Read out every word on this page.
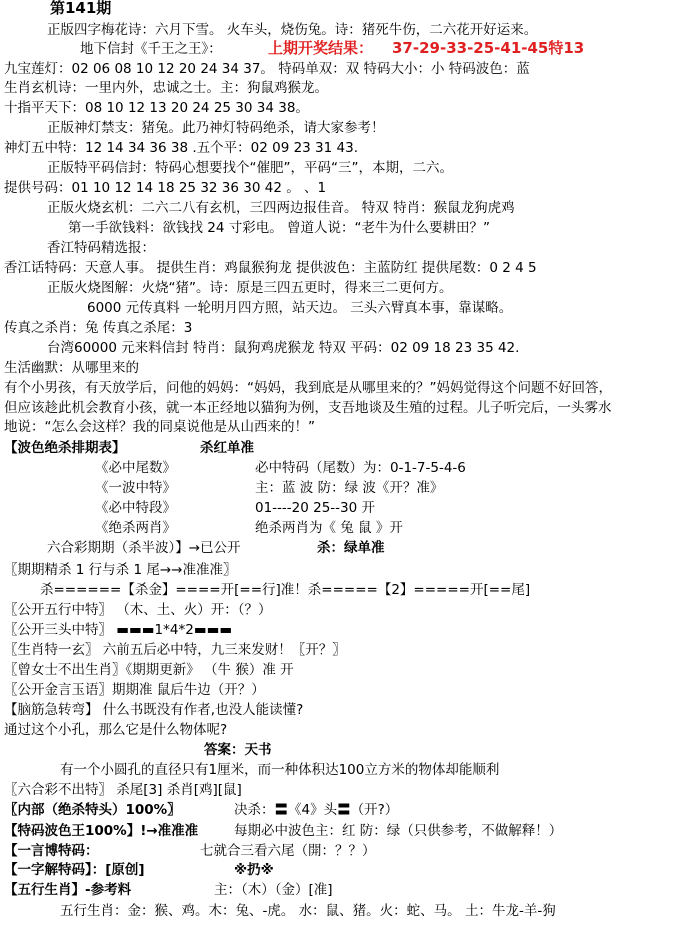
第141期
正版四字梅花诗：六月下雪。 火车头，烧伤兔。诗：猪死牛伤，二六花开好运来。
地下信封《千王之王》：	上期开奖结果： 37-29-33-25-41-45特13
九宝莲灯：02 06 08 10 12 20 24 34 37。 特码单双：双 特码大小：小 特码波色：蓝
生肖玄机诗：一里内外，忠诚之士。主：狗鼠鸡猴龙。
十指平天下：08 10 12 13 20 24 25 30 34 38。
正版神灯禁支：猪兔。此乃神灯特码绝杀，请大家参考！
神灯五中特：12 14 34 36 38 .五个平：02 09 23 31 43.
正版特平码信封：特码心想要找个“催肥”，平码“三”，本期，二六。
提供号码：01 10 12 14 18 25 32 36 30 42 。 、1
正版火烧玄机：二六二八有玄机，三四两边报佳音。 特双 特肖：猴鼠龙狗虎鸡
第一手欲钱料：欲钱找 24 寸彩电。 曾道人说：“老牛为什么要耕田？”
香江特码精选报：
香江话特码：天意人事。 提供生肖：鸡鼠猴狗龙 提供波色：主蓝防红 提供尾数：0 2 4 5
正版火烧图解：火烧“猪”。诗：原是三四五更时，得来三二更何方。
6000 元传真料 一轮明月四方照，站天边。 三头六臂真本事，靠谋略。
传真之杀肖：兔 传真之杀尾：3
台湾60000 元来料信封 特肖：鼠狗鸡虎猴龙 特双 平码：02 09 18 23 35 42.
生活幽默：从哪里来的
有个小男孩，有天放学后，问他的妈妈：“妈妈，我到底是从哪里来的？”妈妈觉得这个问题不好回答，
但应该趁此机会教育小孩，就一本正经地以猫狗为例，支吾地谈及生殖的过程。儿子听完后，一头雾水
地说：“怎么会这样？我的同桌说他是从山西来的！”
【波色绝杀排期表】	杀红单准
《必中尾数》	必中特码（尾数）为：0-1-7-5-4-6
《一波中特》	主：蓝 波 防：绿 波《开？准》
《必中特段》	01----20 25--30 开
《绝杀两肖》	绝杀两肖为《 兔 鼠 》开
六合彩期期（杀半波）】→已公开	杀：绿单准
〖期期精杀 1 行与杀 1 尾→→准准准〗
杀======【杀金】====开[==行]准！杀=====【2】=====开[==尾]
〖公开五行中特〗 （木、土、火）开：（？）
〖公开三头中特〗 ▬▬▬1*4*2▬▬▬
〖生肖特一玄〗 六前五后必中特，九三来发财！〖开？〗
〖曾女士不出生肖〗《期期更新》 （牛 猴）准 开
〖公开金言玉语〗期期准 鼠后牛边（开？）
【脑筋急转弯】 什么书既没有作者,也没人能读懂?
通过这个小孔，那么它是什么物体呢?
答案：天书
有一个小圆孔的直径只有1厘米，而一种体积达100立方米的物体却能顺利
〖六合彩不出特〗 杀尾[3] 杀肖[鸡][鼠]
〖内部（绝杀特头）100%〗	决杀：〓《4》头〓（开?）
【特码波色王100%】!→准准准	每期必中波色主：红 防：绿（只供参考，不做解释！）
【一言博特码：	七就合三看六尾（開：？？）
【一字解特码】：[原创]	※扔※
【五行生肖】-参考料	主：（木）（金）[准]
五行生肖：金：猴、鸡。木：兔、-虎。 水：鼠、猪。火：蛇、马。 土：牛龙-羊-狗
